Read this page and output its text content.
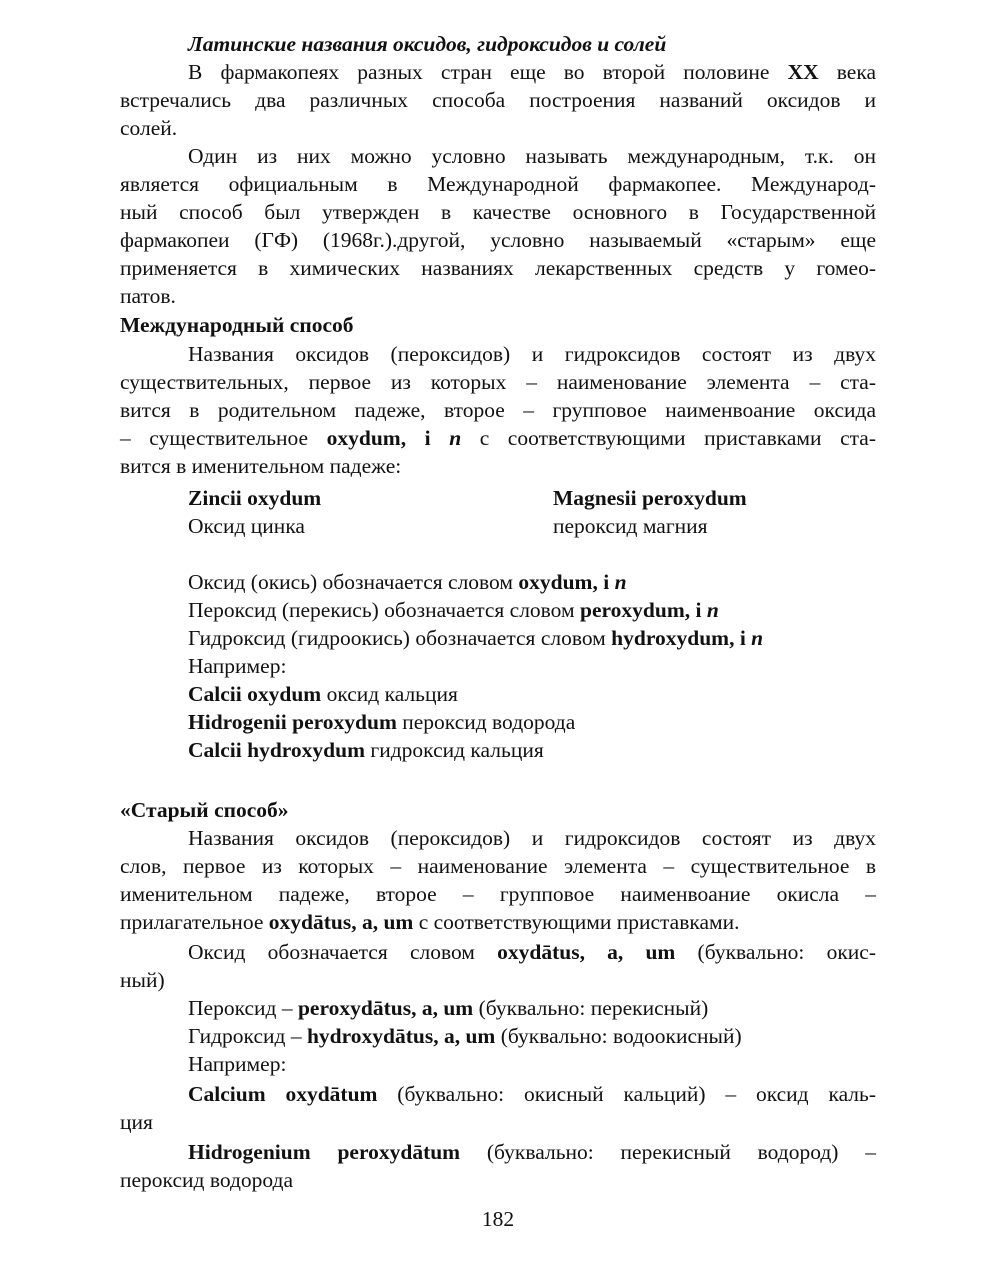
Латинские названия оксидов, гидроксидов и солей
В фармакопеях разных стран еще во второй половине XX века
встречались два различных способа построения названий оксидов и
солей.
Один из них можно условно называть международным, т.к. он
является официальным в Международной фармакопее. Международ-
ный способ был утвержден в качестве основного в Государственной
фармакопеи (ГФ) (1968г.).другой, условно называемый «старым» еще
применяется в химических названиях лекарственных средств у гомео-
патов.
Международный способ
Названия оксидов (пероксидов) и гидроксидов состоят из двух
существительных, первое из которых – наименование элемента – ста-
вится в родительном падеже, второе – групповое наименвоание оксида
– существительное oxydum, i n с соответствующими приставками ста-
вится в именительном падеже:
Zincii oxydum	Magnesii peroxydum
Оксид цинка	пероксид магния
Оксид (окись) обозначается словом oxydum, i n
Пероксид (перекись) обозначается словом peroxydum, i n
Гидроксид (гидроокись) обозначается словом hydroxydum, i n
Например:
Calcii oxydum оксид кальция
Hidrogenii peroxydum пероксид водорода
Calcii hydroxydum гидроксид кальция
«Старый способ»
Названия оксидов (пероксидов) и гидроксидов состоят из двух
слов, первое из которых – наименование элемента – существительное в
именительном падеже, второе – групповое наименвоание окисла –
прилагательное oxydātus, a, um с соответствующими приставками.
Оксид обозначается словом oxydātus, a, um (буквально: окис-
ный)
Пероксид – peroxydātus, a, um (буквально: перекисный)
Гидроксид – hydroxydātus, a, um (буквально: водоокисный)
Например:
Calcium oxydātum (буквально: окисный кальций) – оксид каль-
ция
Hidrogenium peroxydātum (буквально: перекисный водород) –
пероксид водорода
182
